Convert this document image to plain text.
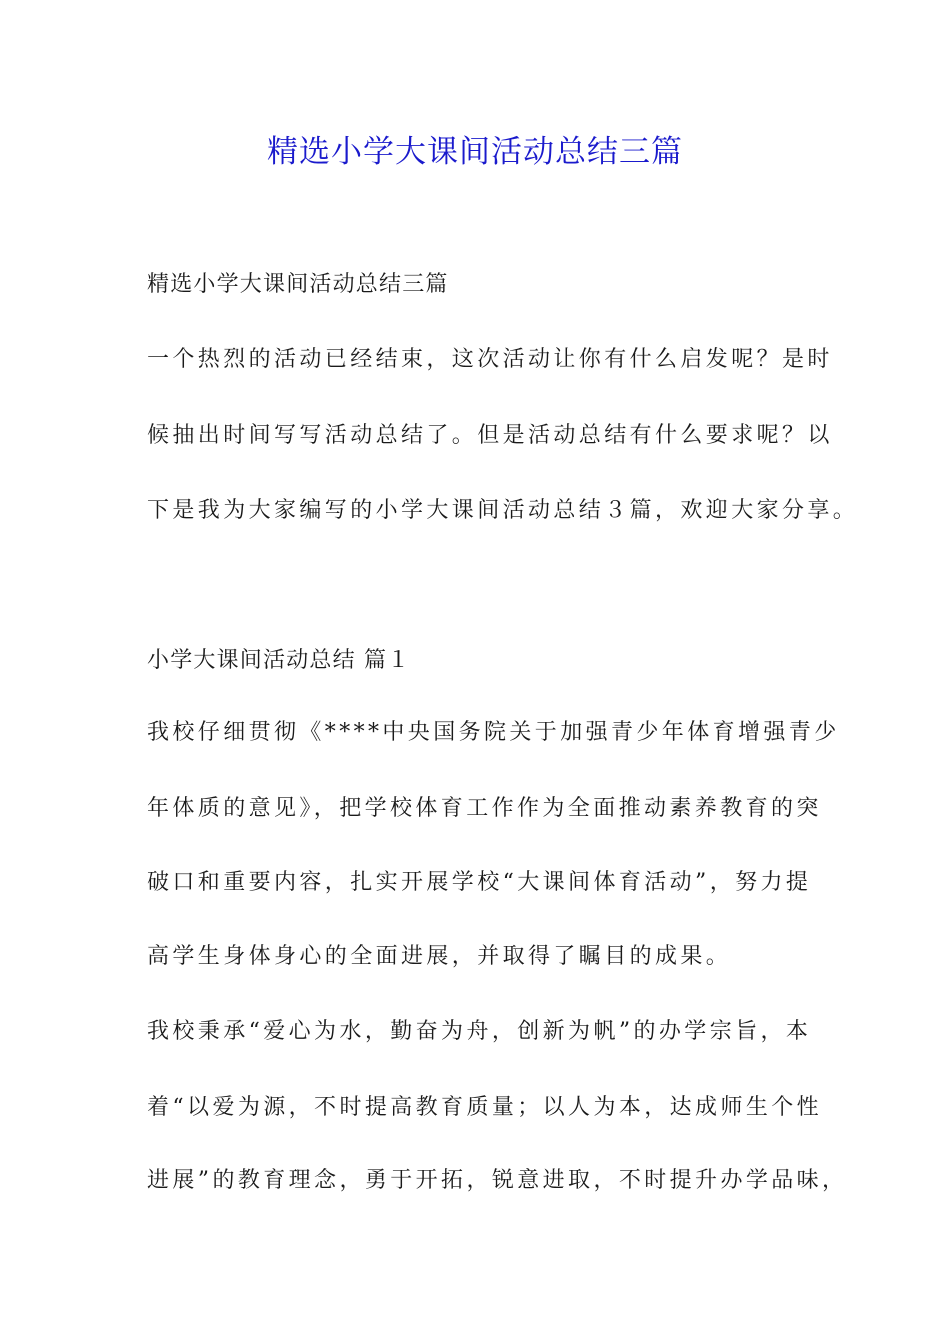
精选小学大课间活动总结三篇

精选小学大课间活动总结三篇

一个热烈的活动已经结束，这次活动让你有什么启发呢？是时

候抽出时间写写活动总结了。但是活动总结有什么要求呢？以

下是我为大家编写的小学大课间活动总结３篇，欢迎大家分享。

小学大课间活动总结 篇１

我校仔细贯彻《****中央国务院关于加强青少年体育增强青少

年体质的意见》，把学校体育工作作为全面推动素养教育的突

破口和重要内容，扎实开展学校“大课间体育活动”，努力提

高学生身体身心的全面进展，并取得了瞩目的成果。

我校秉承“爱心为水，勤奋为舟，创新为帆”的办学宗旨，本

着“以爱为源，不时提高教育质量；以人为本，达成师生个性

进展”的教育理念，勇于开拓，锐意进取，不时提升办学品味，
